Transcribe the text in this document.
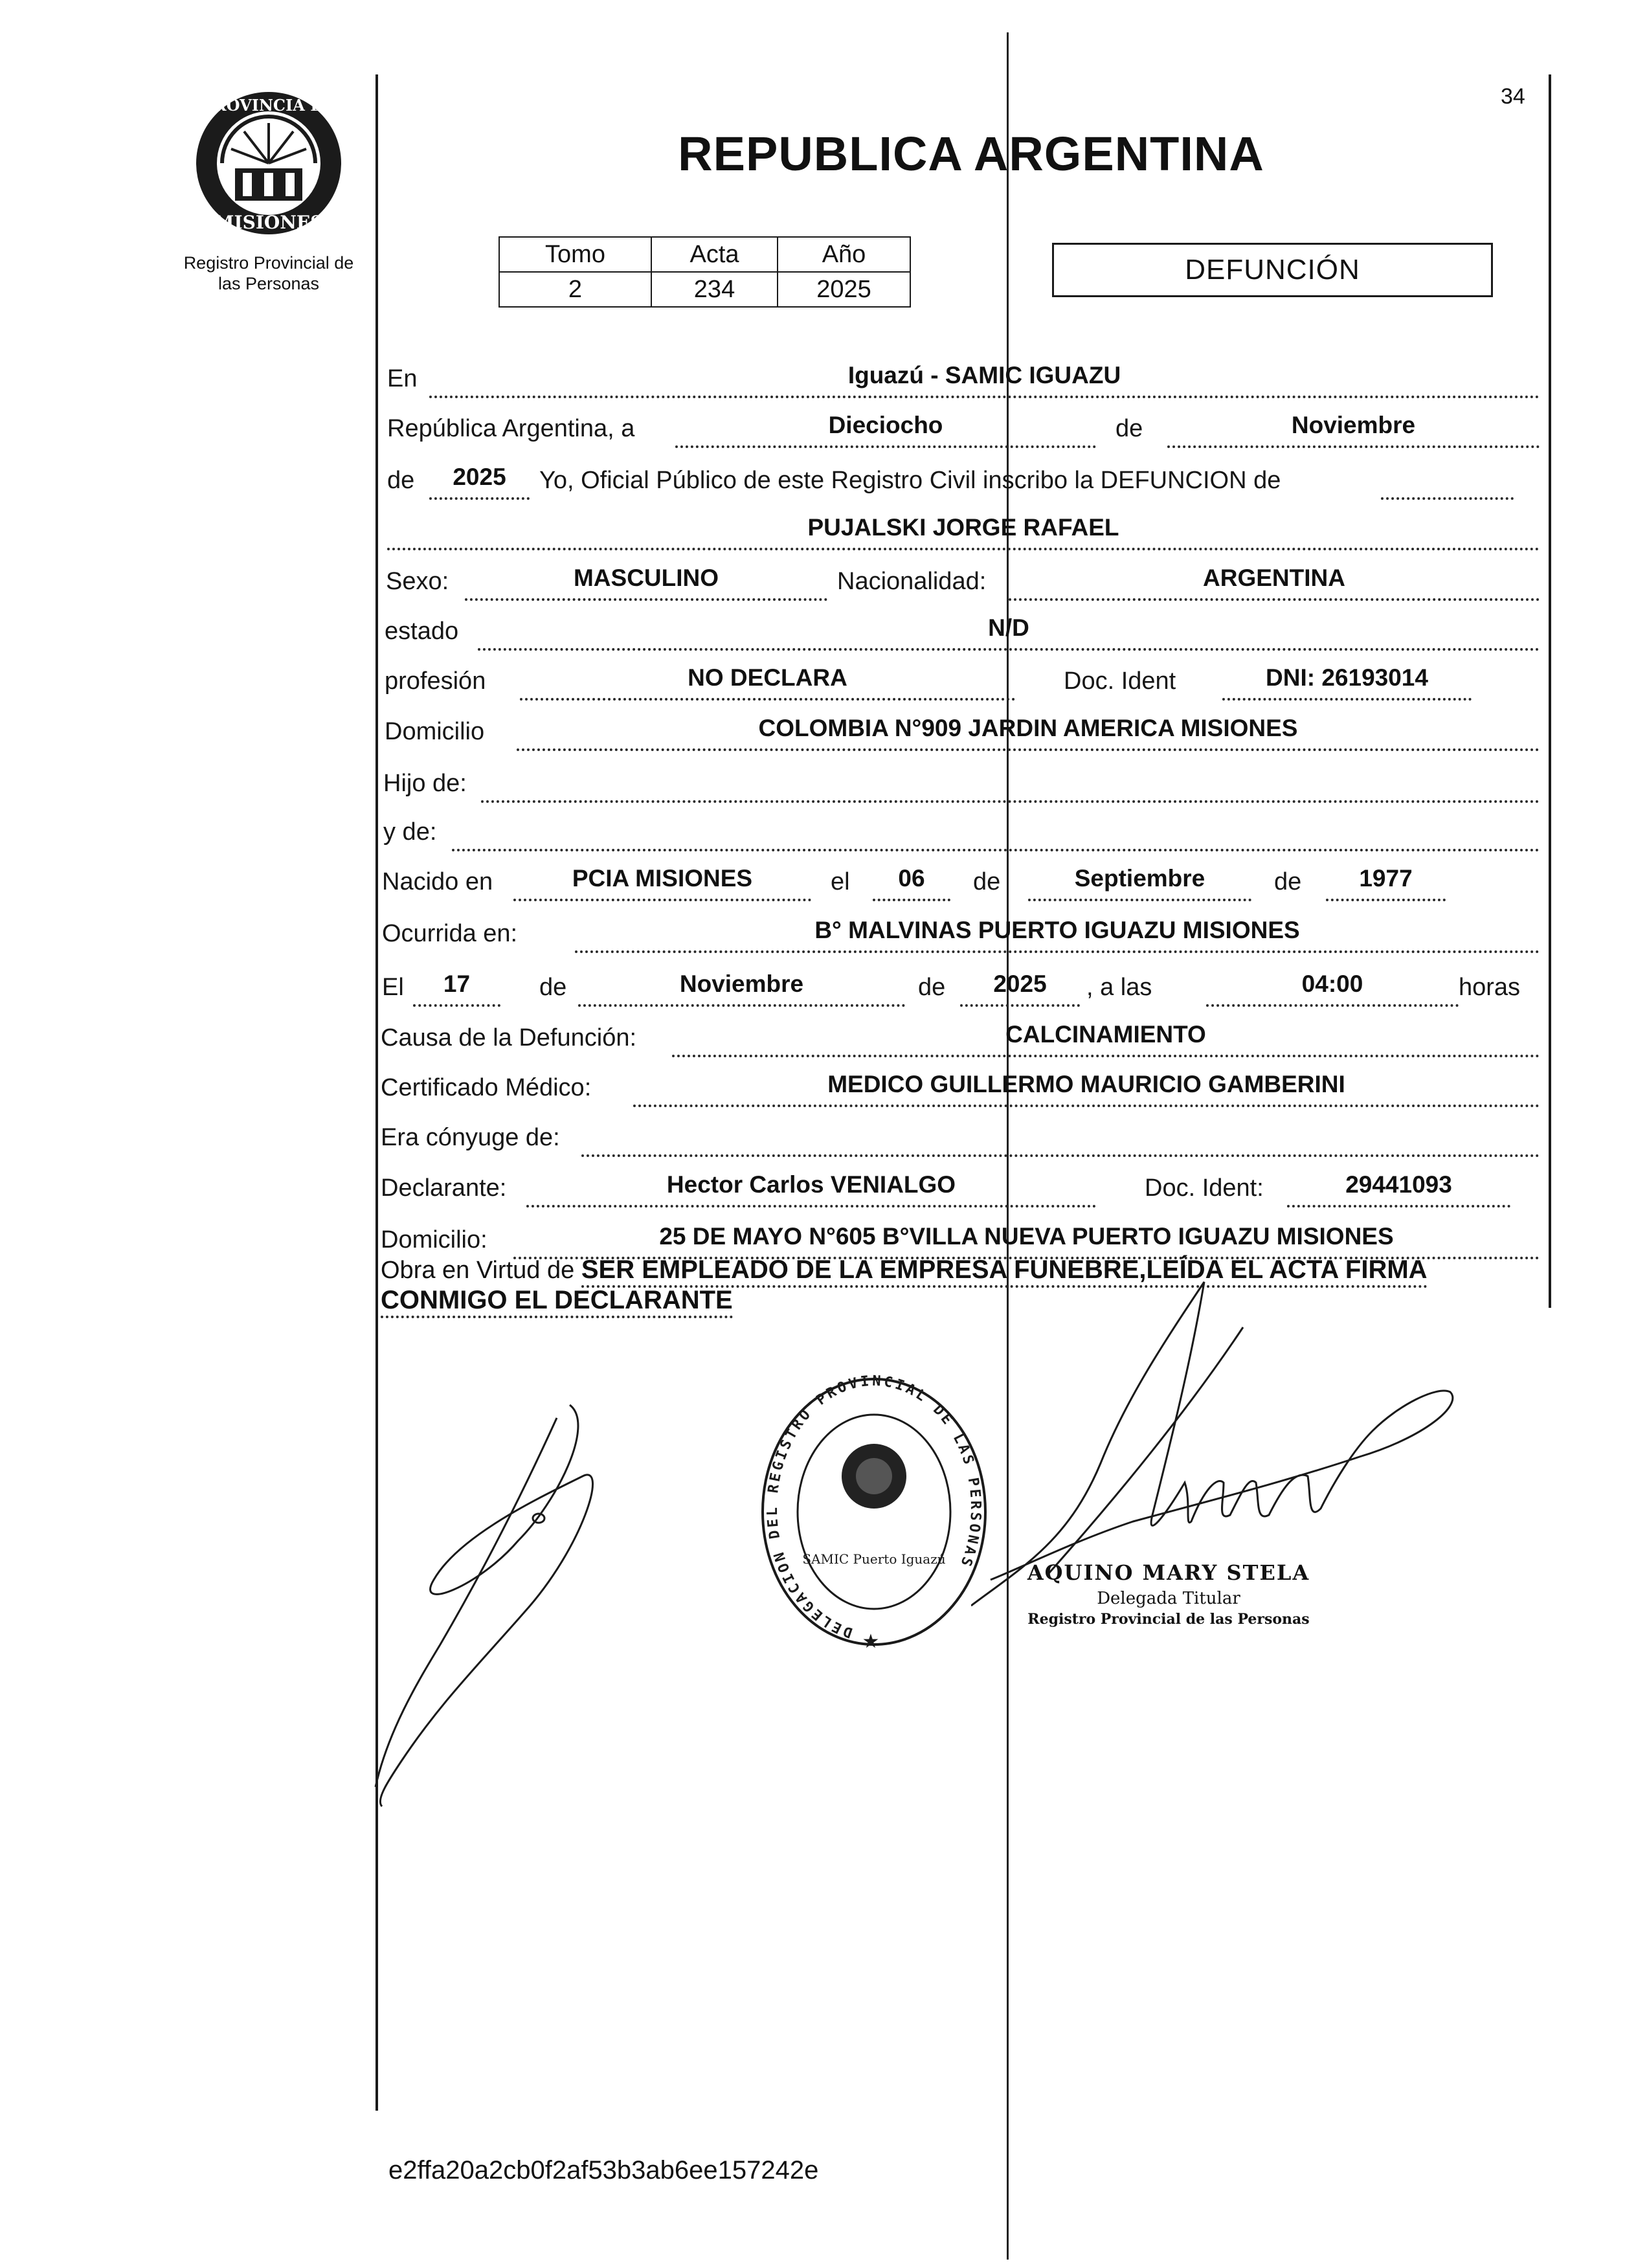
PROVINCIA DE
MISIONES
Registro Provincial de
las Personas
34
REPUBLICA ARGENTINA
Tomo	Acta	Año
2	234	2025
DEFUNCIÓN
En	Iguazú - SAMIC IGUAZU
República Argentina, a	Dieciocho	de	Noviembre
de	2025	Yo, Oficial Público de este Registro Civil inscribo la DEFUNCION de
PUJALSKI JORGE RAFAEL
Sexo:	MASCULINO	Nacionalidad:	ARGENTINA
estado	N/D
profesión	NO DECLARA	Doc. Ident	DNI: 26193014
Domicilio	COLOMBIA N°909 JARDIN AMERICA MISIONES
Hijo de:
y de:
Nacido en	PCIA MISIONES	el	06	de	Septiembre	de	1977
Ocurrida en:	B° MALVINAS PUERTO IGUAZU MISIONES
El	17	de	Noviembre	de	2025	, a las	04:00	horas
Causa de la Defunción:	CALCINAMIENTO
Certificado Médico:	MEDICO GUILLERMO MAURICIO GAMBERINI
Era cónyuge de:
Declarante:	Hector Carlos VENIALGO	Doc. Ident:	29441093
Domicilio:	25 DE MAYO N°605 B°VILLA NUEVA PUERTO IGUAZU MISIONES
Obra en Virtud de SER EMPLEADO DE LA EMPRESA FUNEBRE,LEÍDA EL ACTA FIRMA CONMIGO EL DECLARANTE
DELEGACION DEL REGISTRO PROVINCIAL DE LAS PERSONAS
SAMIC Puerto Iguazú
★
AQUINO MARY STELA
Delegada Titular
Registro Provincial de las Personas
e2ffa20a2cb0f2af53b3ab6ee157242e
